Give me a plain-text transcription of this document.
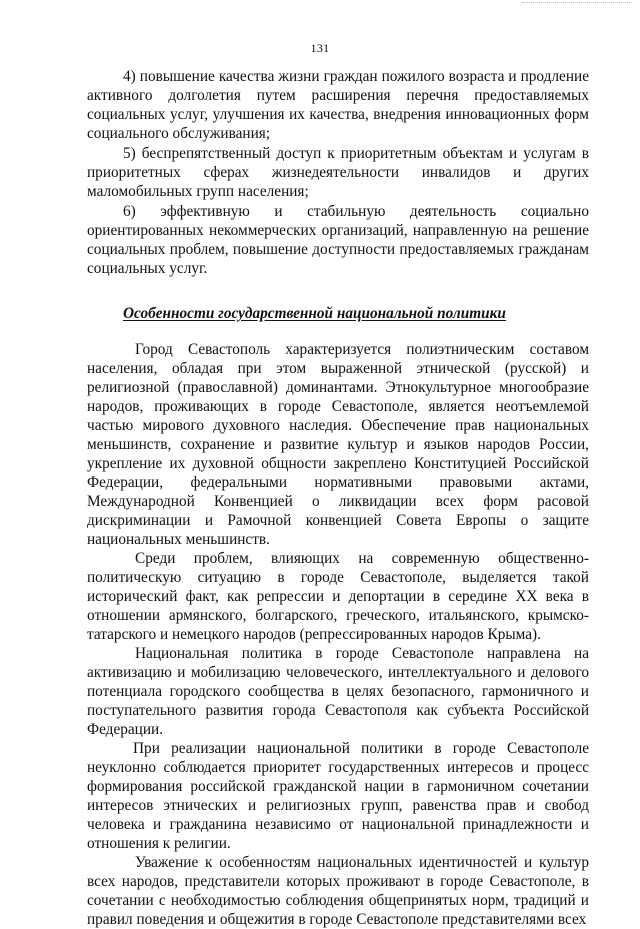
131

4) повышение качества жизни граждан пожилого возраста и продление активного долголетия путем расширения перечня предоставляемых социальных услуг, улучшения их качества, внедрения инновационных форм социального обслуживания;

5) беспрепятственный доступ к приоритетным объектам и услугам в приоритетных сферах жизнедеятельности инвалидов и других маломобильных групп населения;

6) эффективную и стабильную деятельность социально ориентированных некоммерческих организаций, направленную на решение социальных проблем, повышение доступности предоставляемых гражданам социальных услуг.

Особенности государственной национальной политики

Город Севастополь характеризуется полиэтническим составом населения, обладая при этом выраженной этнической (русской) и религиозной (православной) доминантами. Этнокультурное многообразие народов, проживающих в городе Севастополе, является неотъемлемой частью мирового духовного наследия. Обеспечение прав национальных меньшинств, сохранение и развитие культур и языков народов России, укрепление их духовной общности закреплено Конституцией Российской Федерации, федеральными нормативными правовыми актами, Международной Конвенцией о ликвидации всех форм расовой дискриминации и Рамочной конвенцией Совета Европы о защите национальных меньшинств.

Среди проблем, влияющих на современную общественно-политическую ситуацию в городе Севастополе, выделяется такой исторический факт, как репрессии и депортации в середине XX века в отношении армянского, болгарского, греческого, итальянского, крымско-татарского и немецкого народов (репрессированных народов Крыма).

Национальная политика в городе Севастополе направлена на активизацию и мобилизацию человеческого, интеллектуального и делового потенциала городского сообщества в целях безопасного, гармоничного и поступательного развития города Севастополя как субъекта Российской Федерации.

При реализации национальной политики в городе Севастополе неуклонно соблюдается приоритет государственных интересов и процесс формирования российской гражданской нации в гармоничном сочетании интересов этнических и религиозных групп, равенства прав и свобод человека и гражданина независимо от национальной принадлежности и отношения к религии.

Уважение к особенностям национальных идентичностей и культур всех народов, представители которых проживают в городе Севастополе, в сочетании с необходимостью соблюдения общепринятых норм, традиций и правил поведения и общежития в городе Севастополе представителями всех
